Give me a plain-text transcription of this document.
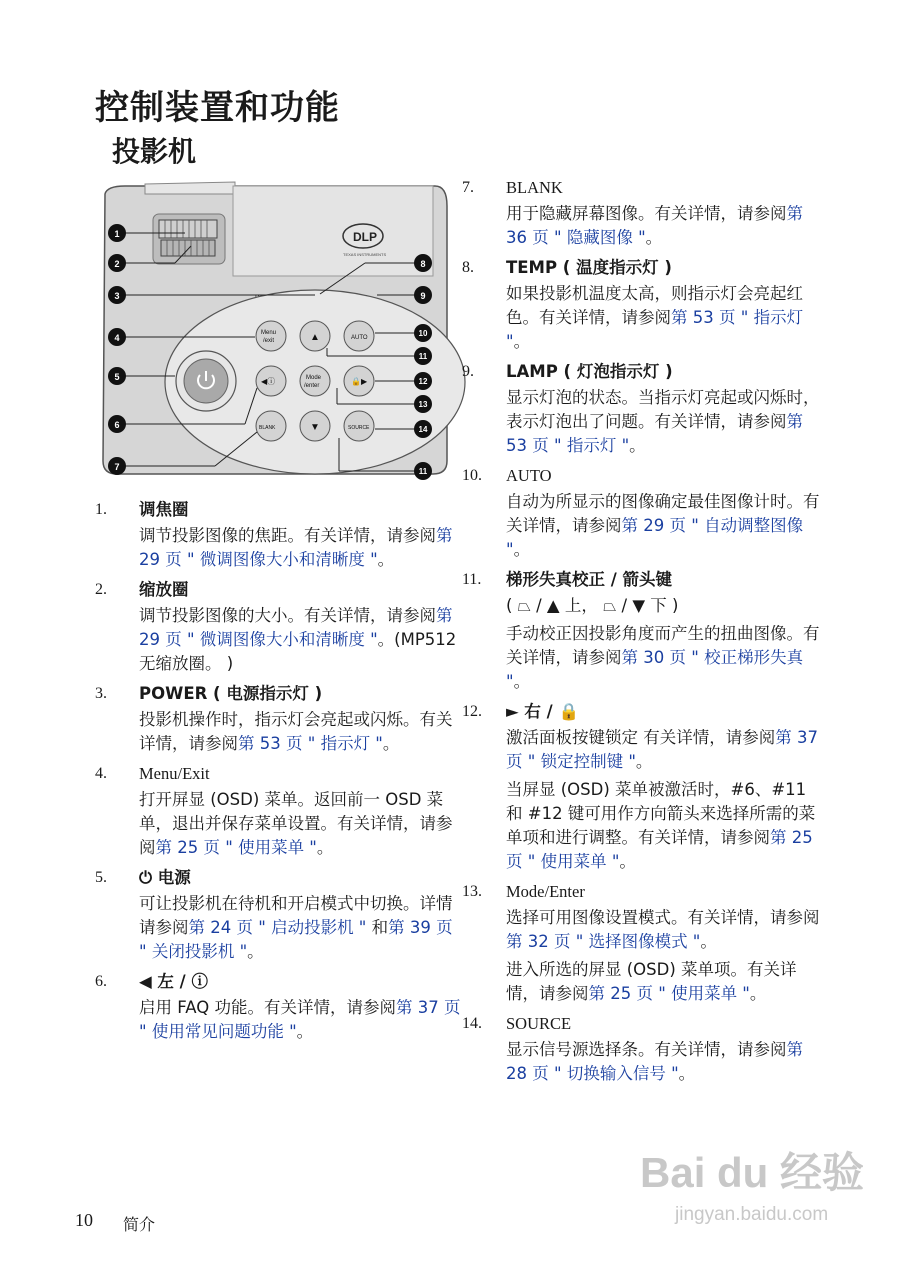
控制装置和功能
投影机
DLP
TEXAS INSTRUMENTS
Menu
/exit
◀ⓘ
BLANK
▲
Mode
/enter
▼
AUTO
🔒▶
SOURCE
1
2
3
4
5
6
7
8
9
10
11
12
13
14
11
1. 调焦圈

调节投影图像的焦距。有关详情，请参阅第 29 页 " 微调图像大小和清晰度 "。

2. 缩放圈

调节投影图像的大小。有关详情，请参阅第 29 页 " 微调图像大小和清晰度 "。(MP512 无缩放圈。 )

3. POWER ( 电源指示灯 )

投影机操作时，指示灯会亮起或闪烁。有关详情，请参阅第 53 页 " 指示灯 "。

4. Menu/Exit

打开屏显 (OSD) 菜单。返回前一 OSD 菜单，退出并保存菜单设置。有关详情，请参阅第 25 页 " 使用菜单 "。

5. ⏻ 电源

可让投影机在待机和开启模式中切换。详情请参阅第 24 页 " 启动投影机 " 和第 39 页 " 关闭投影机 "。

6. ◀ 左 / ⓘ

启用 FAQ 功能。有关详情，请参阅第 37 页 " 使用常见问题功能 "。

7. BLANK

用于隐藏屏幕图像。有关详情，请参阅第 36 页 " 隐藏图像 "。

8. TEMP ( 温度指示灯 )

如果投影机温度太高，则指示灯会亮起红色。有关详情，请参阅第 53 页 " 指示灯 "。

9. LAMP ( 灯泡指示灯 )

显示灯泡的状态。当指示灯亮起或闪烁时，表示灯泡出了问题。有关详情，请参阅第 53 页 " 指示灯 "。

10. AUTO

自动为所显示的图像确定最佳图像计时。有关详情，请参阅第 29 页 " 自动调整图像 "。

11. 梯形失真校正 / 箭头键

( ⏢ / ▲ 上， ⏢ / ▼ 下 )

手动校正因投影角度而产生的扭曲图像。有关详情，请参阅第 30 页 " 校正梯形失真 "。

12. ► 右 / 🔒

激活面板按键锁定 有关详情，请参阅第 37 页 " 锁定控制键 "。

当屏显 (OSD) 菜单被激活时，#6、#11 和 #12 键可用作方向箭头来选择所需的菜单项和进行调整。有关详情，请参阅第 25 页 " 使用菜单 "。

13. Mode/Enter

选择可用图像设置模式。有关详情，请参阅第 32 页 " 选择图像模式 "。

进入所选的屏显 (OSD) 菜单项。有关详情，请参阅第 25 页 " 使用菜单 "。

14. SOURCE

显示信号源选择条。有关详情，请参阅第 28 页 " 切换输入信号 "。

10 简介
Bai du 经验
jingyan.baidu.com
